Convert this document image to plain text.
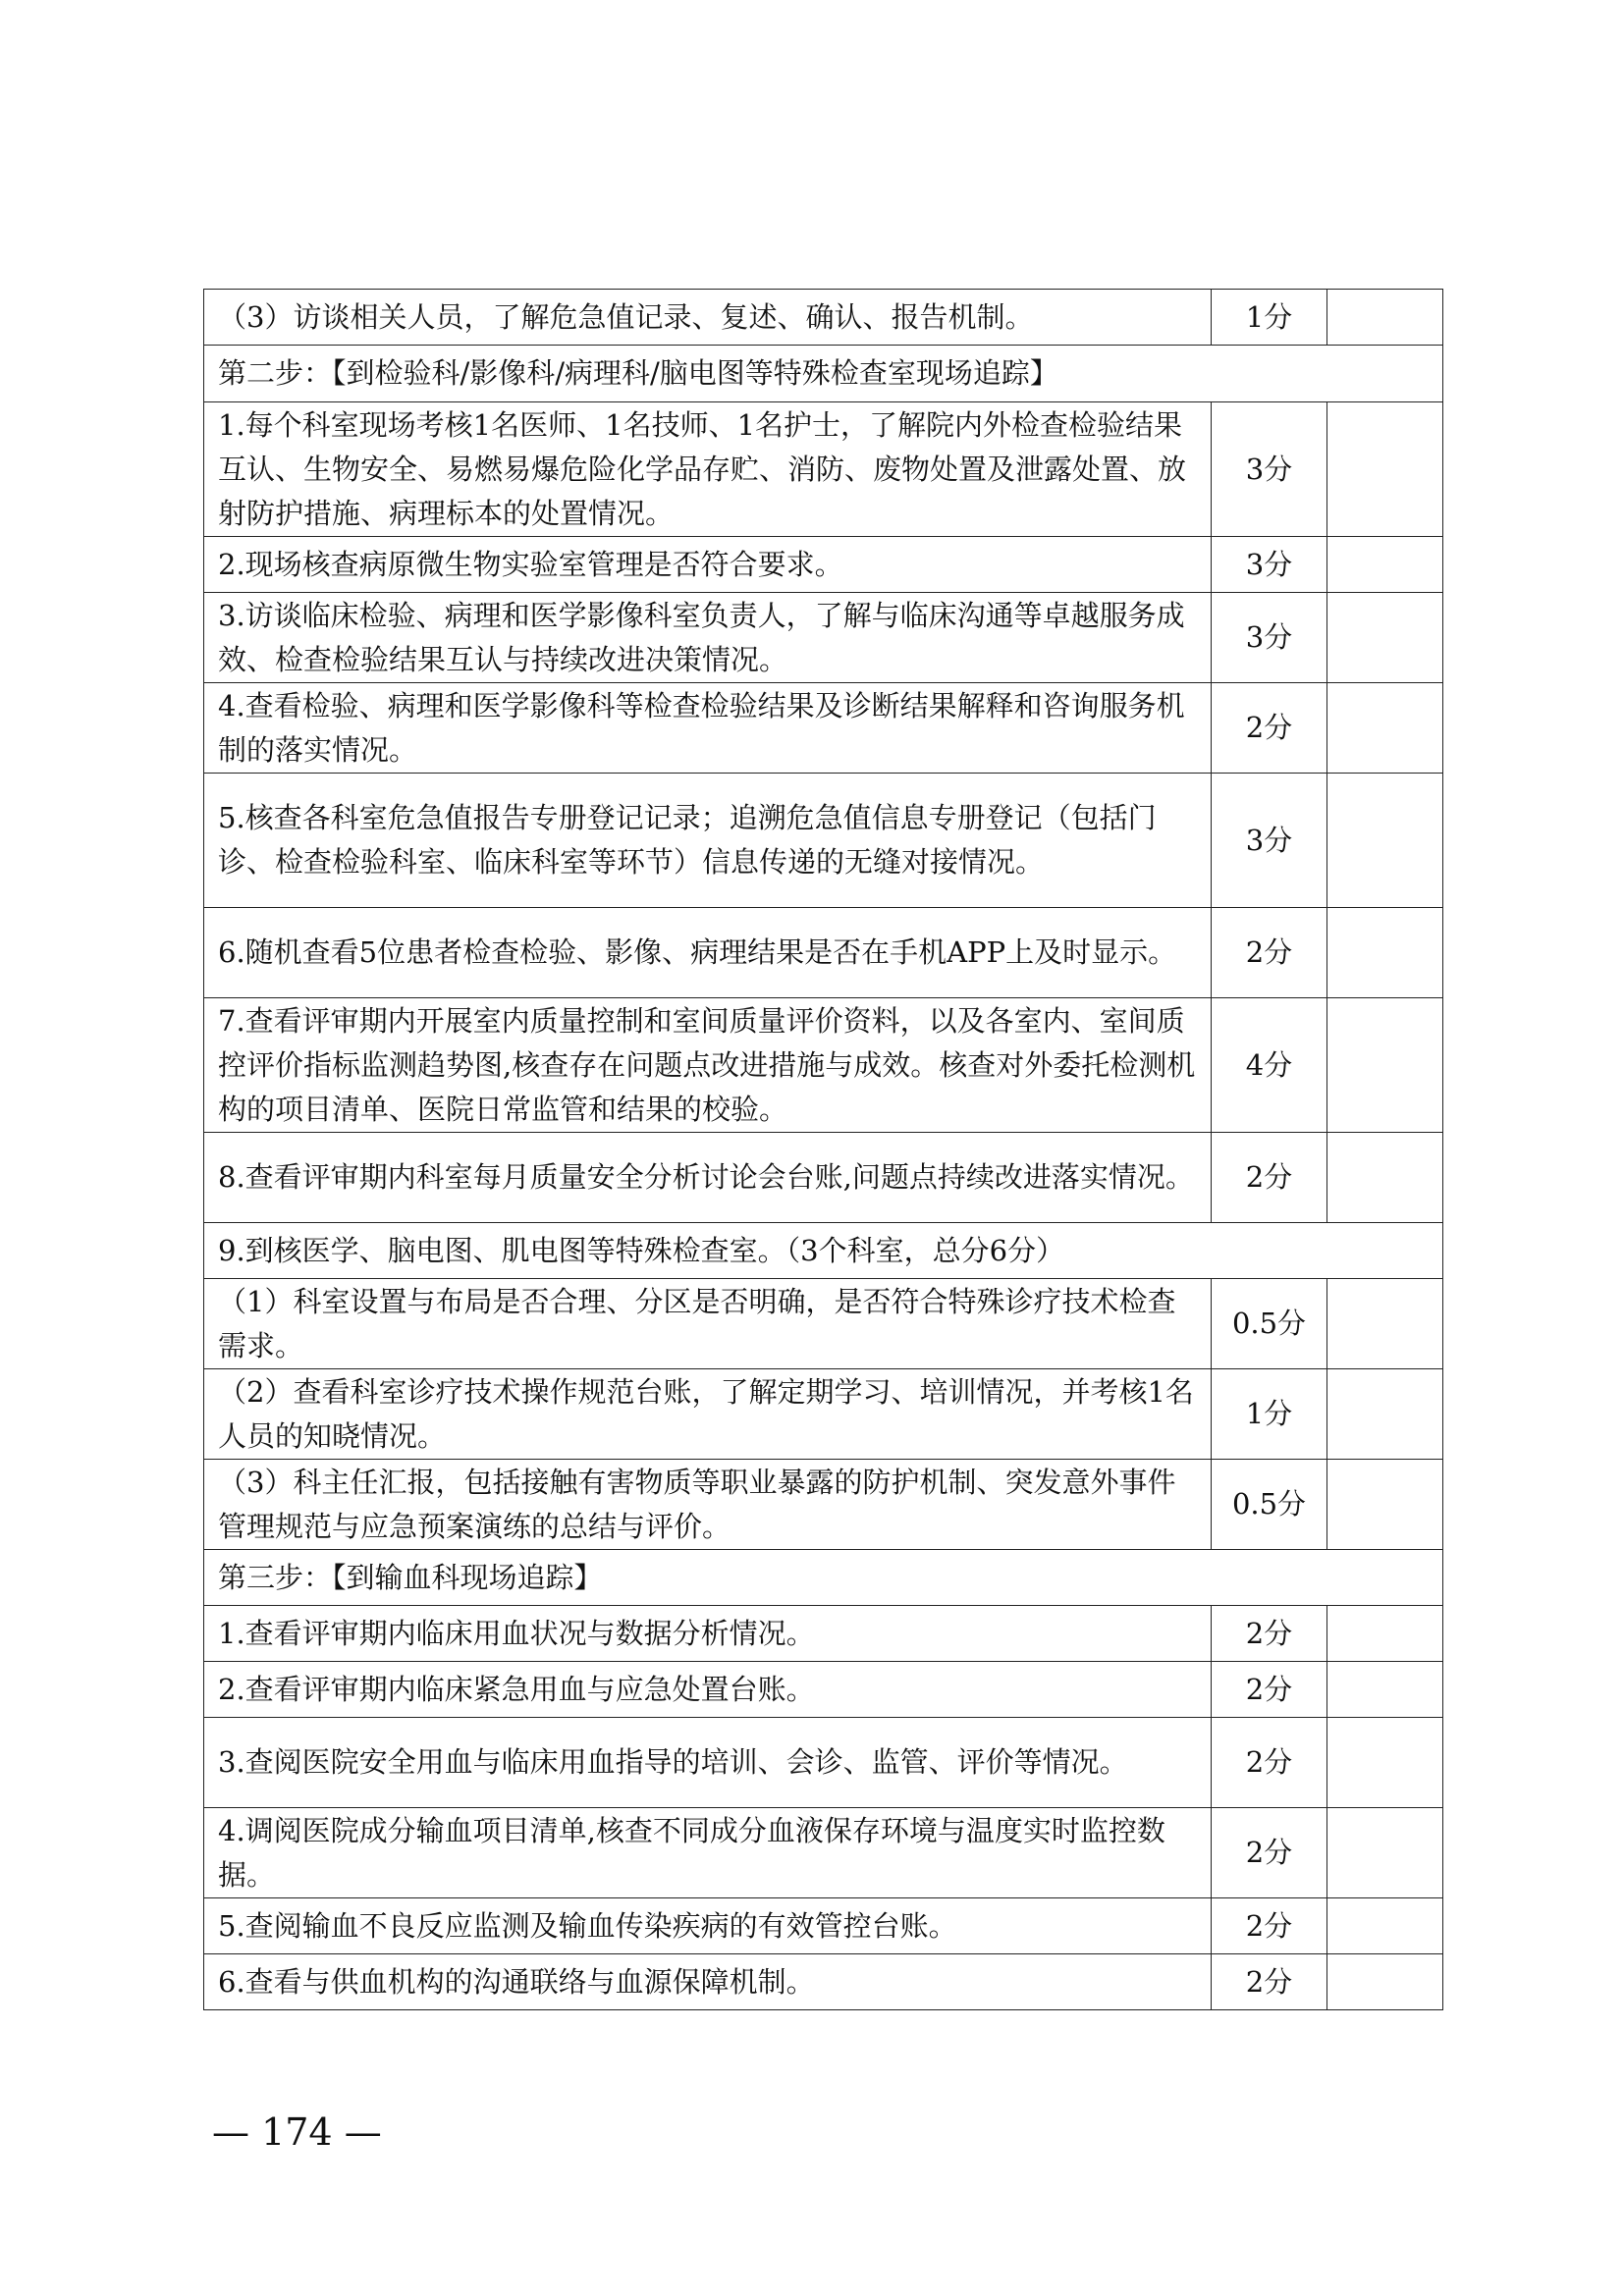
（3）访谈相关人员，了解危急值记录、复述、确认、报告机制。	1分	
第二步：【到检验科/影像科/病理科/脑电图等特殊检查室现场追踪】		
1.每个科室现场考核1名医师、1名技师、1名护士，了解院内外检查检验结果互认、生物安全、易燃易爆危险化学品存贮、消防、废物处置及泄露处置、放射防护措施、病理标本的处置情况。	3分	
2.现场核查病原微生物实验室管理是否符合要求。	3分	
3.访谈临床检验、病理和医学影像科室负责人，了解与临床沟通等卓越服务成效、检查检验结果互认与持续改进决策情况。	3分	
4.查看检验、病理和医学影像科等检查检验结果及诊断结果解释和咨询服务机制的落实情况。	2分	
5.核查各科室危急值报告专册登记记录；追溯危急值信息专册登记（包括门诊、检查检验科室、临床科室等环节）信息传递的无缝对接情况。	3分	
6.随机查看5位患者检查检验、影像、病理结果是否在手机APP上及时显示。	2分	
7.查看评审期内开展室内质量控制和室间质量评价资料，以及各室内、室间质控评价指标监测趋势图,核查存在问题点改进措施与成效。核查对外委托检测机构的项目清单、医院日常监管和结果的校验。	4分	
8.查看评审期内科室每月质量安全分析讨论会台账,问题点持续改进落实情况。	2分	
9.到核医学、脑电图、肌电图等特殊检查室。（3个科室，总分6分）		
（1）科室设置与布局是否合理、分区是否明确，是否符合特殊诊疗技术检查需求。	0.5分	
（2）查看科室诊疗技术操作规范台账，了解定期学习、培训情况，并考核1名人员的知晓情况。	1分	
（3）科主任汇报，包括接触有害物质等职业暴露的防护机制、突发意外事件管理规范与应急预案演练的总结与评价。	0.5分	
第三步：【到输血科现场追踪】		
1.查看评审期内临床用血状况与数据分析情况。	2分	
2.查看评审期内临床紧急用血与应急处置台账。	2分	
3.查阅医院安全用血与临床用血指导的培训、会诊、监管、评价等情况。	2分	
4.调阅医院成分输血项目清单,核查不同成分血液保存环境与温度实时监控数据。	2分	
5.查阅输血不良反应监测及输血传染疾病的有效管控台账。	2分	
6.查看与供血机构的沟通联络与血源保障机制。	2分	
— 174 —
